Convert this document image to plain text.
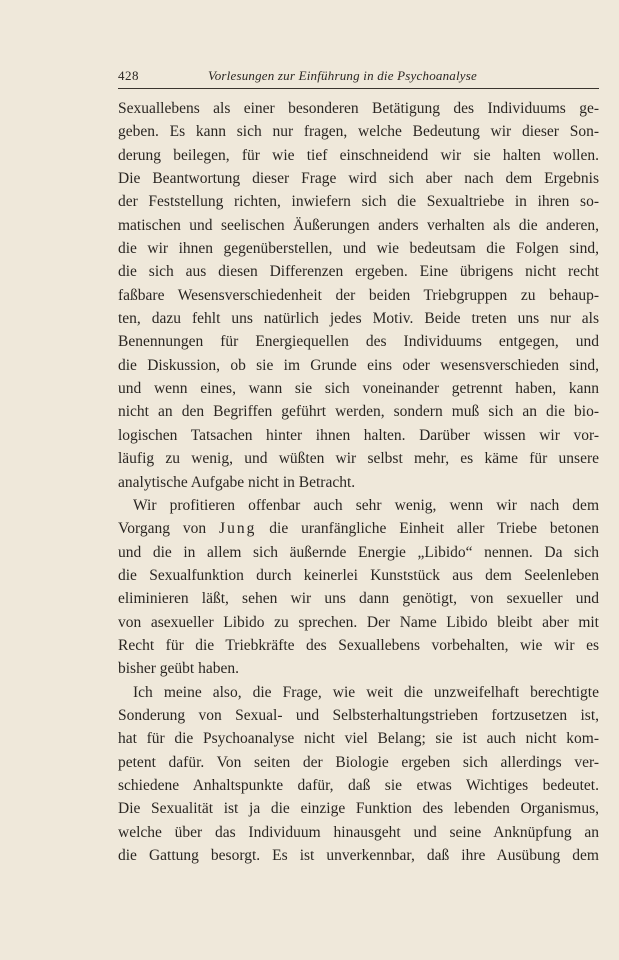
428	Vorlesungen zur Einführung in die Psychoanalyse
Sexuallebens als einer besonderen Betätigung des Individuums ge-
geben. Es kann sich nur fragen, welche Bedeutung wir dieser Son-
derung beilegen, für wie tief einschneidend wir sie halten wollen.
Die Beantwortung dieser Frage wird sich aber nach dem Ergebnis
der Feststellung richten, inwiefern sich die Sexualtriebe in ihren so-
matischen und seelischen Äußerungen anders verhalten als die anderen,
die wir ihnen gegenüberstellen, und wie bedeutsam die Folgen sind,
die sich aus diesen Differenzen ergeben. Eine übrigens nicht recht
faßbare Wesensverschiedenheit der beiden Triebgruppen zu behaup-
ten, dazu fehlt uns natürlich jedes Motiv. Beide treten uns nur als
Benennungen für Energiequellen des Individuums entgegen, und
die Diskussion, ob sie im Grunde eins oder wesensverschieden sind,
und wenn eines, wann sie sich voneinander getrennt haben, kann
nicht an den Begriffen geführt werden, sondern muß sich an die bio-
logischen Tatsachen hinter ihnen halten. Darüber wissen wir vor-
läufig zu wenig, und wüßten wir selbst mehr, es käme für unsere
analytische Aufgabe nicht in Betracht.
Wir profitieren offenbar auch sehr wenig, wenn wir nach dem
Vorgang von Jung die uranfängliche Einheit aller Triebe betonen
und die in allem sich äußernde Energie „Libido“ nennen. Da sich
die Sexualfunktion durch keinerlei Kunststück aus dem Seelenleben
eliminieren läßt, sehen wir uns dann genötigt, von sexueller und
von asexueller Libido zu sprechen. Der Name Libido bleibt aber mit
Recht für die Triebkräfte des Sexuallebens vorbehalten, wie wir es
bisher geübt haben.
Ich meine also, die Frage, wie weit die unzweifelhaft berechtigte
Sonderung von Sexual- und Selbsterhaltungstrieben fortzusetzen ist,
hat für die Psychoanalyse nicht viel Belang; sie ist auch nicht kom-
petent dafür. Von seiten der Biologie ergeben sich allerdings ver-
schiedene Anhaltspunkte dafür, daß sie etwas Wichtiges bedeutet.
Die Sexualität ist ja die einzige Funktion des lebenden Organismus,
welche über das Individuum hinausgeht und seine Anknüpfung an
die Gattung besorgt. Es ist unverkennbar, daß ihre Ausübung dem
